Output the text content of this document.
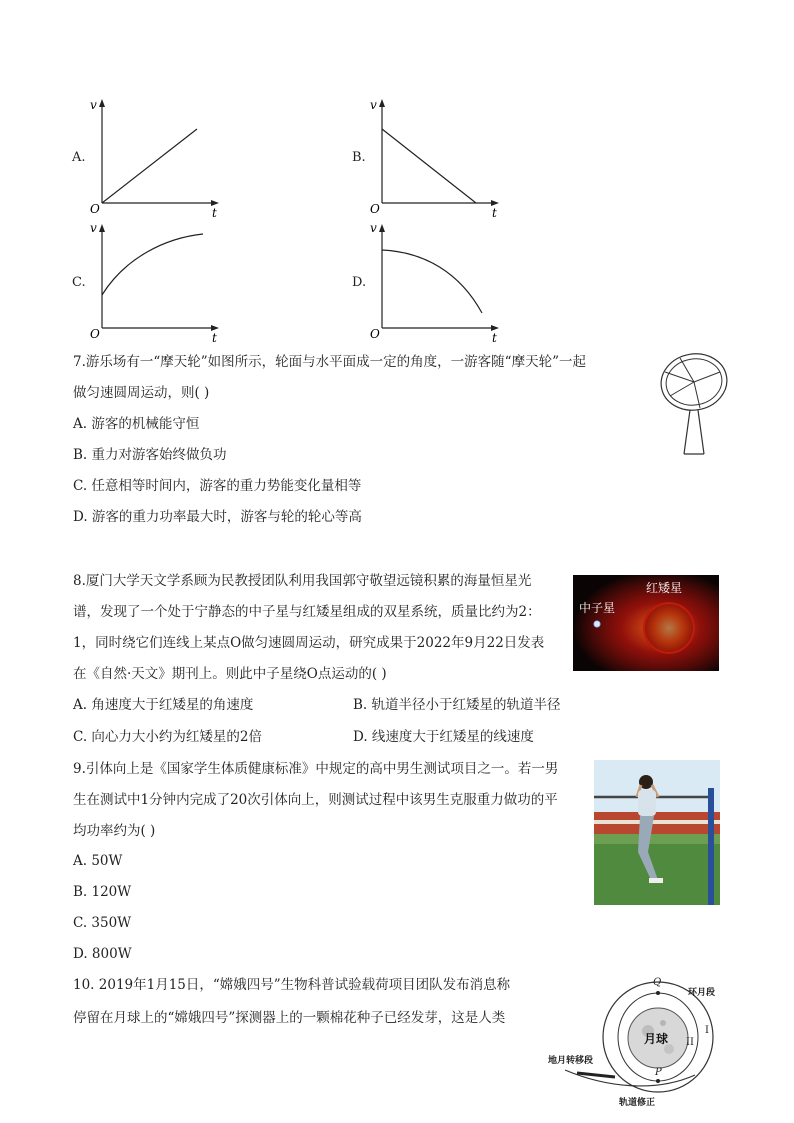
A.
v
t
O
B.
v
t
O
C.
v
t
O
D.
v
t
O
7.游乐场有一“摩天轮”如图所示，轮面与水平面成一定的角度，一游客随“摩天轮”一起
做匀速圆周运动，则( )
A. 游客的机械能守恒
B. 重力对游客始终做负功
C. 任意相等时间内，游客的重力势能变化量相等
D. 游客的重力功率最大时，游客与轮的轮心等高
8.厦门大学天文学系顾为民教授团队利用我国郭守敬望远镜积累的海量恒星光
谱，发现了一个处于宁静态的中子星与红矮星组成的双星系统，质量比约为2：
1，同时绕它们连线上某点O做匀速圆周运动，研究成果于2022年9月22日发表
在《自然·天文》期刊上。则此中子星绕O点运动的( )
A. 角速度大于红矮星的角速度	B. 轨道半径小于红矮星的轨道半径
C. 向心力大小约为红矮星的2倍	D. 线速度大于红矮星的线速度
红矮星
中子星
9.引体向上是《国家学生体质健康标准》中规定的高中男生测试项目之一。若一男
生在测试中1分钟内完成了20次引体向上，则测试过程中该男生克服重力做功的平
均功率约为( )
A. 50W
B. 120W
C. 350W
D. 800W
10. 2019年1月15日，“嫦娥四号”生物科普试验载荷项目团队发布消息称
停留在月球上的“嫦娥四号”探测器上的一颗棉花种子已经发芽，这是人类
月球
环月段
Q
P
I
II
地月转移段
轨道修正
